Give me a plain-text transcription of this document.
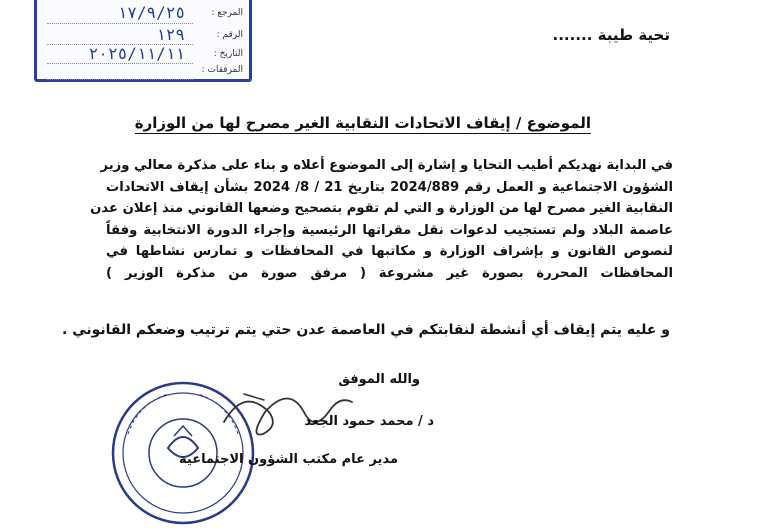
المرجع :
١٧/٩/٢٥
الرقم :
١٢٩
التاريخ :
٢٠٢٥/١١/١١
المرفقات :
تحية طيبة .......
الموضوع / إيقاف الاتحادات النقابية الغير مصرح لها من الوزارة
في البداية نهديكم أطيب التحايا و إشارة إلى الموضوع أعلاه و بناء على مذكرة معالي وزير
الشؤون الاجتماعية و العمل رقم 2024/889 بتاريخ 21 / 8/ 2024 بشأن إيقاف الاتحادات
النقابية الغير مصرح لها من الوزارة و التي لم تقوم بتصحيح وضعها القانوني منذ إعلان عدن
عاصمة البلاد ولم تستجيب لدعوات نقل مقراتها الرئيسية وإجراء الدورة الانتخابية وفقاً
لنصوص القانون و بإشراف الوزارة و مكاتبها في المحافظات و تمارس نشاطها في
المحافظات المحررة بصورة غير مشروعة ( مرفق صورة من مذكرة الوزير )
و عليه يتم إيقاف أي أنشطة لنقابتكم في العاصمة عدن حتي يتم ترتيب وضعكم القانوني .
والله الموفق
د / محمد حمود الجعد
مدير عام مكتب الشؤون الاجتماعية
